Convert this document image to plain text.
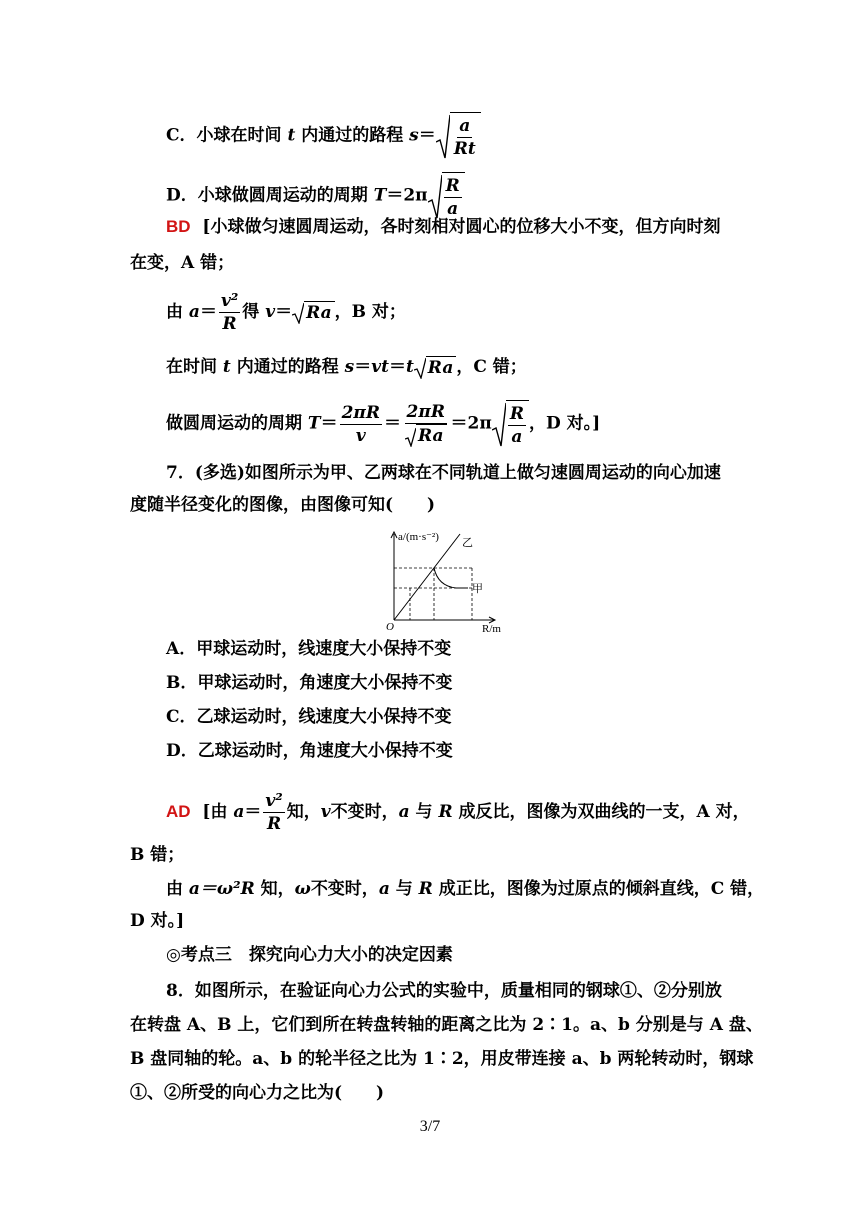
C．小球在时间 t 内通过的路程 $s= \frac{a}{Rt}$
D．小球做圆周运动的周期 $T=2\pi \frac{R}{a}$
BD [小球做匀速圆周运动，各时刻相对圆心的位移大小不变，但方向时刻
在变，A 错；
由 $a= \frac{\text{v²}}{R}$ 得 v＝ Ra ，B 对；
在时间 t 内通过的路程 s＝vt＝t Ra ，C 错；
做圆周运动的周期 $T= \frac{2\pi R}{v} = \frac{2\pi R}{Ra} =2\pi \frac{R}{a}$ ，D 对。]
7．(多选)如图所示为甲、乙两球在不同轨道上做匀速圆周运动的向心加速
度随半径变化的图像，由图像可知(　　)
a/(m·s⁻²)
R/m
O
乙
甲
A．甲球运动时，线速度大小保持不变
B．甲球运动时，角速度大小保持不变
C．乙球运动时，线速度大小保持不变
D．乙球运动时，角速度大小保持不变
AD [由 $a= \frac{\text{v²}}{R}$ 知，v不变时，a 与 R 成反比，图像为双曲线的一支，A 对，
B 错；
由 a＝ω²R 知，ω不变时，a 与 R 成正比，图像为过原点的倾斜直线，C 错，
D 对。]
◎考点三　探究向心力大小的决定因素
8．如图所示，在验证向心力公式的实验中，质量相同的钢球①、②分别放
在转盘 A、B 上，它们到所在转盘转轴的距离之比为 2∶1。a、b 分别是与 A 盘、
B 盘同轴的轮。a、b 的轮半径之比为 1∶2，用皮带连接 a、b 两轮转动时，钢球
①、②所受的向心力之比为(　　)
3/7
